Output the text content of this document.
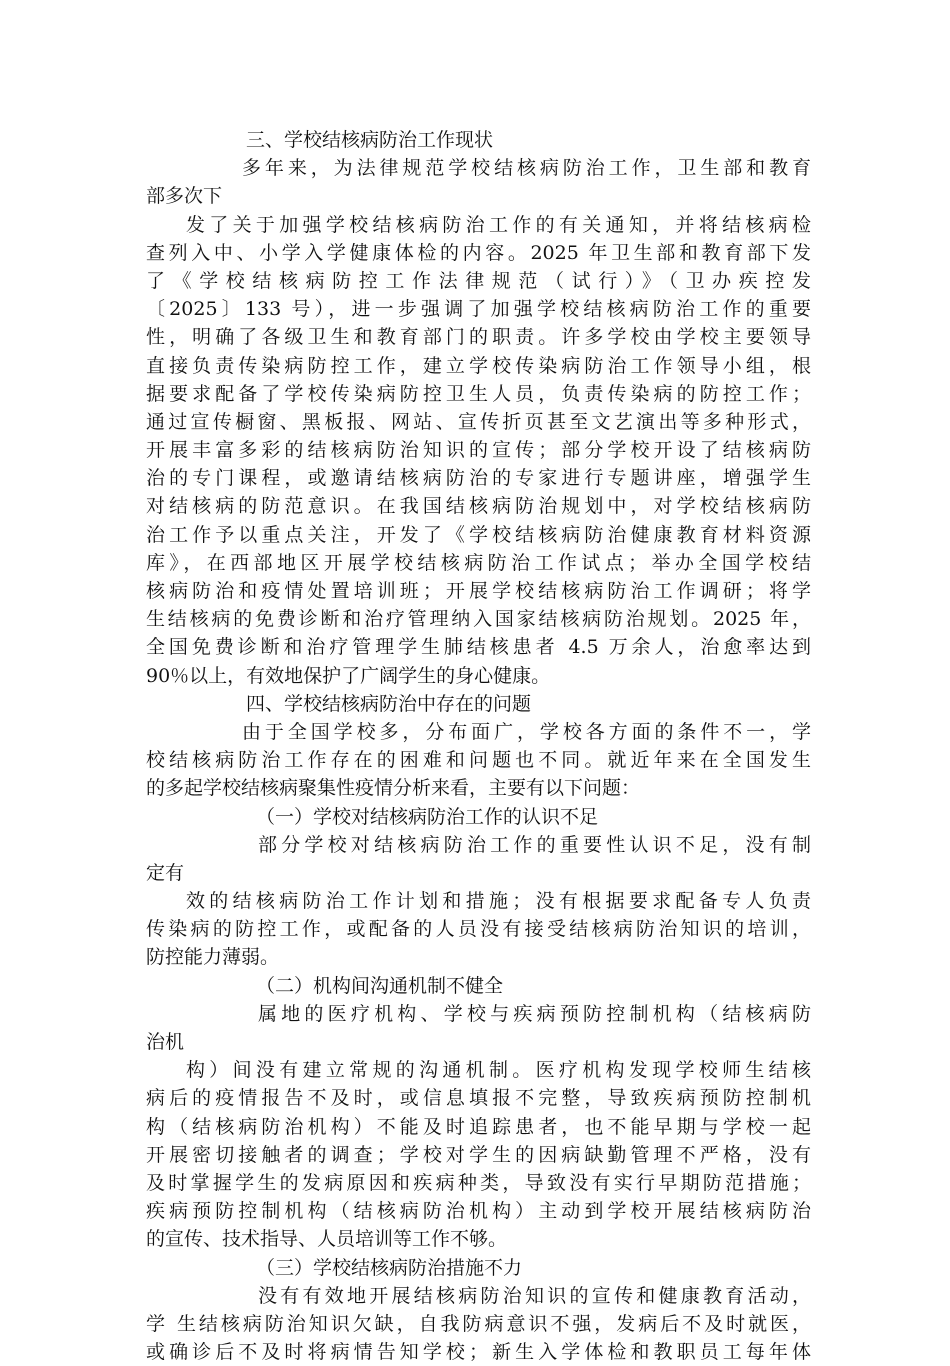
三、学校结核病防治工作现状
多年来，为法律规范学校结核病防治工作，卫生部和教育
部多次下
发了关于加强学校结核病防治工作的有关通知，并将结核病检
查列入中、小学入学健康体检的内容。2025 年卫生部和教育部下发
了《学校结核病防控工作法律规范（试行）》（卫办疾控发
〔2025〕133 号），进一步强调了加强学校结核病防治工作的重要
性，明确了各级卫生和教育部门的职责。许多学校由学校主要领导
直接负责传染病防控工作，建立学校传染病防治工作领导小组，根
据要求配备了学校传染病防控卫生人员，负责传染病的防控工作；
通过宣传橱窗、黑板报、网站、宣传折页甚至文艺演出等多种形式，
开展丰富多彩的结核病防治知识的宣传；部分学校开设了结核病防
治的专门课程，或邀请结核病防治的专家进行专题讲座，增强学生
对结核病的防范意识。在我国结核病防治规划中，对学校结核病防
治工作予以重点关注，开发了《学校结核病防治健康教育材料资源
库》，在西部地区开展学校结核病防治工作试点；举办全国学校结
核病防治和疫情处置培训班；开展学校结核病防治工作调研；将学
生结核病的免费诊断和治疗管理纳入国家结核病防治规划。2025 年，
全国免费诊断和治疗管理学生肺结核患者 4.5 万余人，治愈率达到
90％以上，有效地保护了广阔学生的身心健康。
四、学校结核病防治中存在的问题
由于全国学校多，分布面广，学校各方面的条件不一，学
校结核病防治工作存在的困难和问题也不同。就近年来在全国发生
的多起学校结核病聚集性疫情分析来看，主要有以下问题：
（一）学校对结核病防治工作的认识不足
部分学校对结核病防治工作的重要性认识不足，没有制
定有
效的结核病防治工作计划和措施；没有根据要求配备专人负责
传染病的防控工作，或配备的人员没有接受结核病防治知识的培训，
防控能力薄弱。
（二）机构间沟通机制不健全
属地的医疗机构、学校与疾病预防控制机构（结核病防
治机
构）间没有建立常规的沟通机制。医疗机构发现学校师生结核
病后的疫情报告不及时，或信息填报不完整，导致疾病预防控制机
构（结核病防治机构）不能及时追踪患者，也不能早期与学校一起
开展密切接触者的调查；学校对学生的因病缺勤管理不严格，没有
及时掌握学生的发病原因和疾病种类，导致没有实行早期防范措施；
疾病预防控制机构（结核病防治机构）主动到学校开展结核病防治
的宣传、技术指导、人员培训等工作不够。
（三）学校结核病防治措施不力
没有有效地开展结核病防治知识的宣传和健康教育活动，
学 生结核病防治知识欠缺，自我防病意识不强，发病后不及时就医，
或确诊后不及时将病情告知学校；新生入学体检和教职员工每年体
